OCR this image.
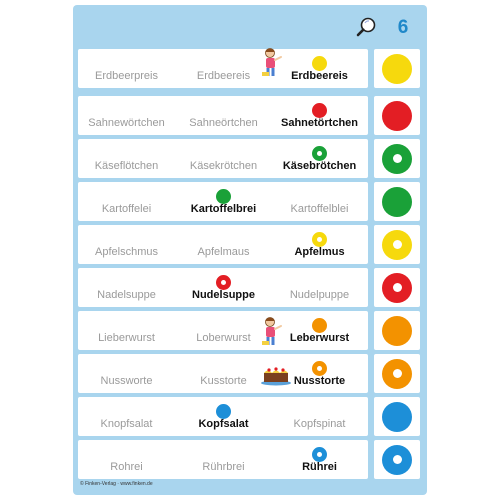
6
Erdbeerpreis	Erdbeereis	Erdbeereis
Sahnewörtchen	Sahneörtchen	Sahnetörtchen
Käseflötchen	Käsekrötchen	Käsebrötchen
Kartoffelei	Kartoffelbrei	Kartoffelblei
Apfelschmus	Apfelmaus	Apfelmus
Nadelsuppe	Nudelsuppe	Nudelpuppe
Lieberwurst	Loberwurst	Leberwurst
Nussworte	Kusstorte	Nusstorte
Knopfsalat	Kopfsalat	Kopfspinat
Rohrei	Rührbrei	Rührei
© Finken-Verlag · www.finken.de
